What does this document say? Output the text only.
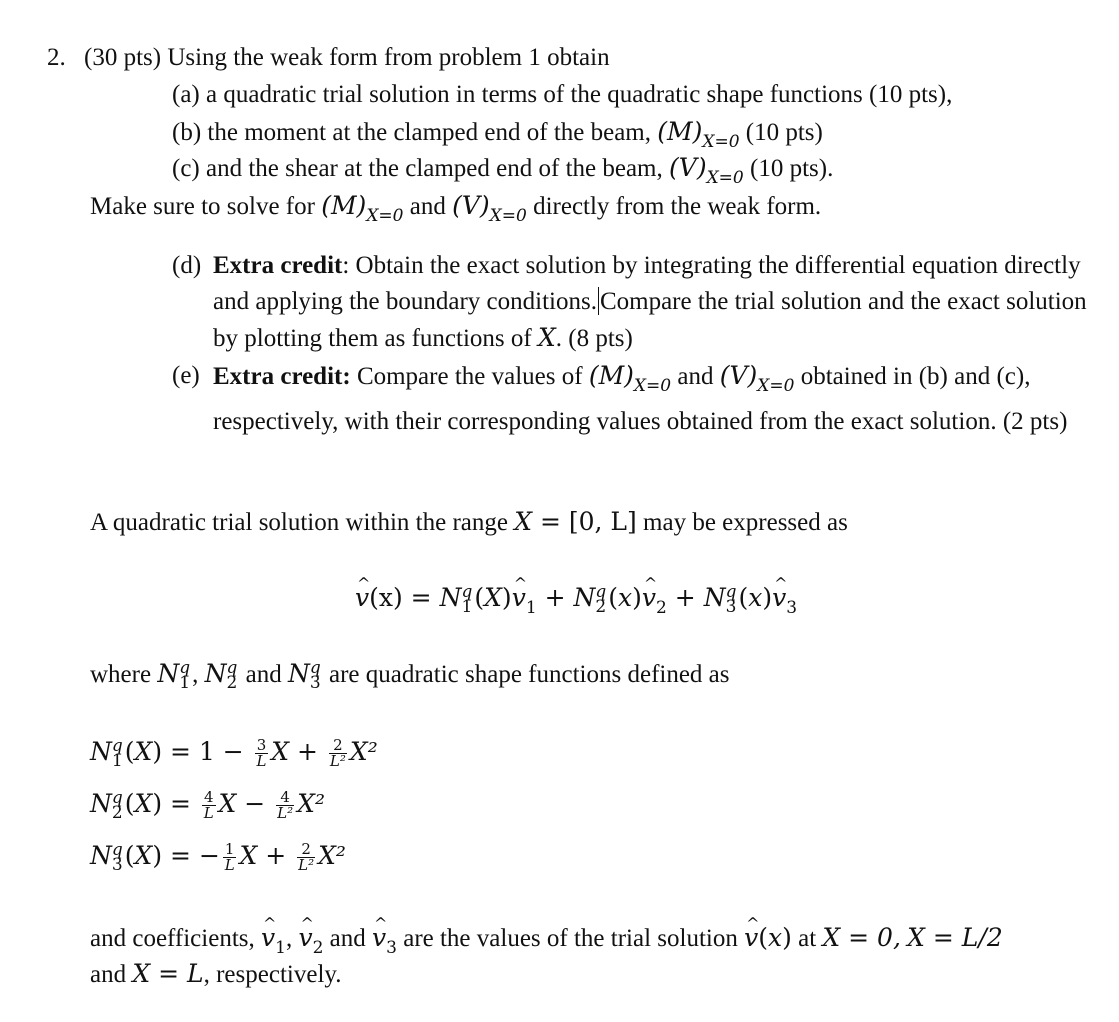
2. (30 pts) Using the weak form from problem 1 obtain
(a) a quadratic trial solution in terms of the quadratic shape functions (10 pts),
(b) the moment at the clamped end of the beam, $(M)_{X=0}$ (10 pts)
(c) and the shear at the clamped end of the beam, $(V)_{X=0}$ (10 pts).
Make sure to solve for $(M)_{X=0}$ and $(V)_{X=0}$ directly from the weak form.
(d) Extra credit: Obtain the exact solution by integrating the differential equation directly and applying the boundary conditions. Compare the trial solution and the exact solution by plotting them as functions of X. (8 pts)
(e) Extra credit: Compare the values of $(M)_{X=0}$ and $(V)_{X=0}$ obtained in (b) and (c), respectively, with their corresponding values obtained from the exact solution. (2 pts)
A quadratic trial solution within the range X = [0, L] may be expressed as
^ v(x) = N q
1 (X)^ $v_1 + N$ q
2 (x)^ $v_2 + N$ q
3 (x)^ $v_3$
where N q
1 , N q
2 and N q
3 are quadratic shape functions defined as
N q
1 $(X) = 1 - \frac{3}{L}$ $X + \frac{2}{\text{L²}} X^2$
N q
2 $(X) = \frac{4}{L}$ $X - \frac{4}{\text{L²}} X^2$
N q
3 (X) = − $\frac{1}{L}$ $X + \frac{2}{\text{L²}} X^2$
and coefficients, ^ $v_1$, ^ $v_2$ and ^ $v_3$ are the values of the trial solution ^ v(x) at X = 0, X = L/2
and X = L, respectively.
